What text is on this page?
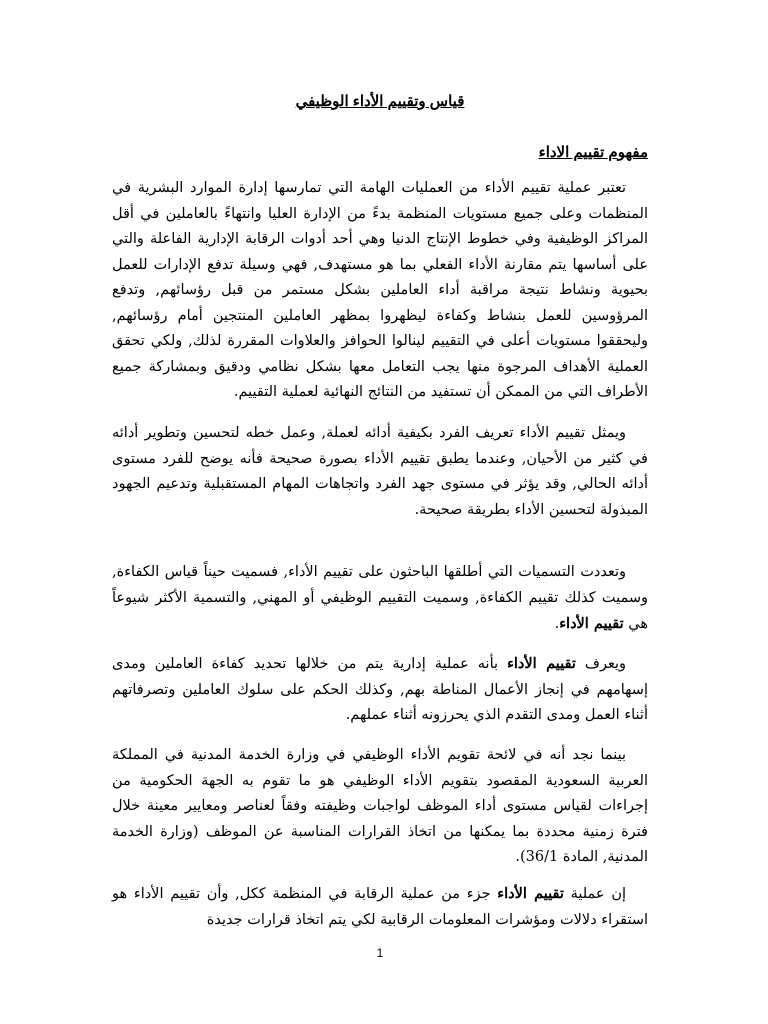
قياس وتقييم الأداء الوظيفي
مفهوم تقييم الاداء

تعتبر عملية تقييم الأداء من العمليات الهامة التي تمارسها إدارة الموارد البشرية في المنظمات وعلى جميع مستويات المنظمة بدءً من الإدارة العليا وانتهاءً بالعاملين في أقل المراكز الوظيفية وفي خطوط الإنتاج الدنيا وهي أحد أدوات الرقابة الإدارية الفاعلة والتي على أساسها يتم مقارنة الأداء الفعلي بما هو مستهدف, فهي وسيلة تدفع الإدارات للعمل بحيوية ونشاط نتيجة مراقبة أداء العاملين بشكل مستمر من قبل رؤسائهم, وتدفع المرؤوسين للعمل بنشاط وكفاءة ليظهروا بمظهر العاملين المنتجين أمام رؤسائهم, وليحققوا مستويات أعلى في التقييم لينالوا الحوافز والعلاوات المقررة لذلك, ولكي تحقق العملية الأهداف المرجوة منها يجب التعامل معها بشكل نظامي ودقيق وبمشاركة جميع الأطراف التي من الممكن أن تستفيد من النتائج النهائية لعملية التقييم.

ويمثل تقييم الأداء تعريف الفرد بكيفية أدائه لعملة, وعمل خطه لتحسين وتطوير أدائه في كثير من الأحيان, وعندما يطبق تقييم الأداء بصورة صحيحة فأنه يوضح للفرد مستوى أدائه الحالي, وقد يؤثر في مستوى جهد الفرد واتجاهات المهام المستقبلية وتدعيم الجهود المبذولة لتحسين الأداء بطريقة صحيحة.

وتعددت التسميات التي أطلقها الباحثون على تقييم الأداء, فسميت حيناً قياس الكفاءة, وسميت كذلك تقييم الكفاءة, وسميت التقييم الوظيفي أو المهني, والتسمية الأكثر شيوعاً هي تقييم الأداء.

ويعرف تقييم الأداء بأنه عملية إدارية يتم من خلالها تحديد كفاءة العاملين ومدى إسهامهم في إنجاز الأعمال المناطة بهم, وكذلك الحكم على سلوك العاملين وتصرفاتهم أثناء العمل ومدى التقدم الذي يحرزونه أثناء عملهم.

بينما نجد أنه في لائحة تقويم الأداء الوظيفي في وزارة الخدمة المدنية في المملكة العربية السعودية المقصود بتقويم الأداء الوظيفي هو ما تقوم به الجهة الحكومية من إجراءات لقياس مستوى أداء الموظف لواجبات وظيفته وفقاً لعناصر ومعايير معينة خلال فترة زمنية محددة بما يمكنها من اتخاذ القرارات المناسبة عن الموظف (وزارة الخدمة المدنية, المادة 36/1).

إن عملية تقييم الأداء جزء من عملية الرقابة في المنظمة ككل, وأن تقييم الأداء هو استقراء دلالات ومؤشرات المعلومات الرقابية لكي يتم اتخاذ قرارات جديدة

1
